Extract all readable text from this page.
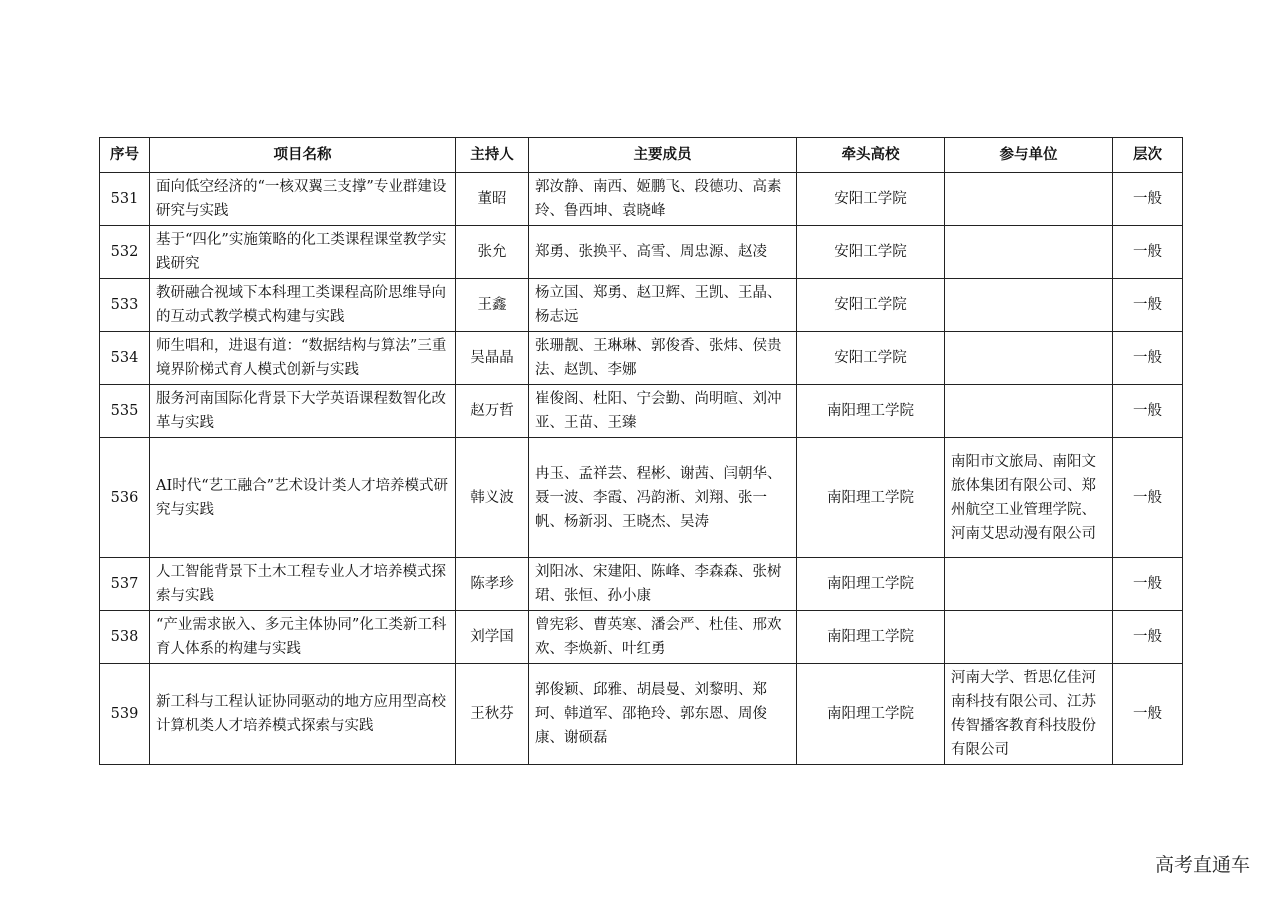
序号	项目名称	主持人	主要成员	牵头高校	参与单位	层次
531	面向低空经济的“一核双翼三支撑”专业群建设研究与实践	董昭	郭汝静、南西、姬鹏飞、段德功、高素玲、鲁西坤、袁晓峰	安阳工学院		一般
532	基于“四化”实施策略的化工类课程课堂教学实践研究	张允	郑勇、张换平、高雪、周忠源、赵凌	安阳工学院		一般
533	教研融合视域下本科理工类课程高阶思维导向的互动式教学模式构建与实践	王鑫	杨立国、郑勇、赵卫辉、王凯、王晶、杨志远	安阳工学院		一般
534	师生唱和，进退有道：“数据结构与算法”三重境界阶梯式育人模式创新与实践	吴晶晶	张珊靓、王琳琳、郭俊香、张炜、侯贵法、赵凯、李娜	安阳工学院		一般
535	服务河南国际化背景下大学英语课程数智化改革与实践	赵万哲	崔俊阁、杜阳、宁会勤、尚明暄、刘冲亚、王苗、王臻	南阳理工学院		一般
536	AI时代“艺工融合”艺术设计类人才培养模式研究与实践	韩义波	冉玉、孟祥芸、程彬、谢茜、闫朝华、聂一波、李霞、冯韵淅、刘翔、张一帆、杨新羽、王晓杰、吴涛	南阳理工学院	南阳市文旅局、南阳文旅体集团有限公司、郑州航空工业管理学院、河南艾思动漫有限公司	一般
537	人工智能背景下土木工程专业人才培养模式探索与实践	陈孝珍	刘阳冰、宋建阳、陈峰、李森森、张树珺、张恒、孙小康	南阳理工学院		一般
538	“产业需求嵌入、多元主体协同”化工类新工科育人体系的构建与实践	刘学国	曾宪彩、曹英寒、潘会严、杜佳、邢欢欢、李焕新、叶红勇	南阳理工学院		一般
539	新工科与工程认证协同驱动的地方应用型高校计算机类人才培养模式探索与实践	王秋芬	郭俊颖、邱雅、胡晨曼、刘黎明、郑珂、韩道军、邵艳玲、郭东恩、周俊康、谢硕磊	南阳理工学院	河南大学、哲思亿佳河南科技有限公司、江苏传智播客教育科技股份有限公司	一般
高考直通车
